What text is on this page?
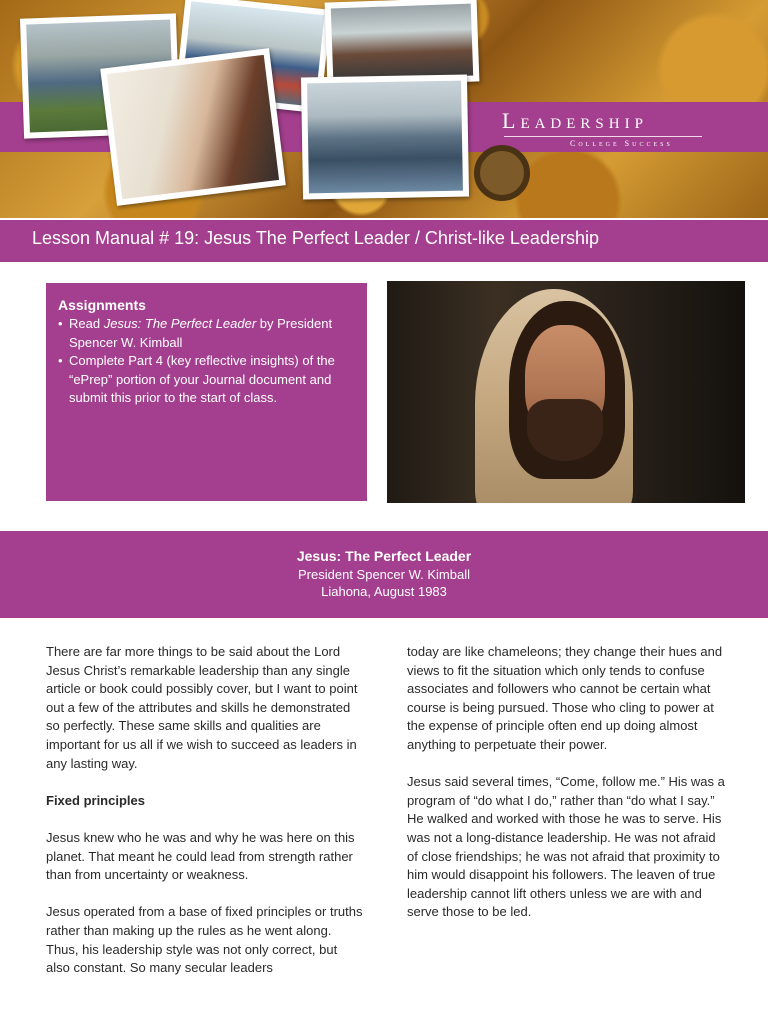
Leadership
College Success
Lesson Manual # 19: Jesus The Perfect Leader / Christ-like Leadership
Assignments
• Read Jesus: The Perfect Leader by President Spencer W. Kimball
• Complete Part 4 (key reflective insights) of the “ePrep” portion of your Journal document and submit this prior to the start of class.
Jesus: The Perfect Leader
President Spencer W. Kimball
Liahona, August 1983

There are far more things to be said about the Lord Jesus Christ’s remarkable leadership than any single article or book could possibly cover, but I want to point out a few of the attributes and skills he demonstrated so perfectly. These same skills and qualities are important for us all if we wish to succeed as leaders in any lasting way.

Fixed principles

Jesus knew who he was and why he was here on this planet. That meant he could lead from strength rather than from uncertainty or weakness.

Jesus operated from a base of fixed principles or truths rather than making up the rules as he went along. Thus, his leadership style was not only correct, but also constant. So many secular leaders

today are like chameleons; they change their hues and views to fit the situation which only tends to confuse associates and followers who cannot be certain what course is being pursued. Those who cling to power at the expense of principle often end up doing almost anything to perpetuate their power.

Jesus said several times, “Come, follow me.” His was a program of “do what I do,” rather than “do what I say.” He walked and worked with those he was to serve. His was not a long-distance leadership. He was not afraid of close friendships; he was not afraid that proximity to him would disappoint his followers. The leaven of true leadership cannot lift others unless we are with and serve those to be led.
